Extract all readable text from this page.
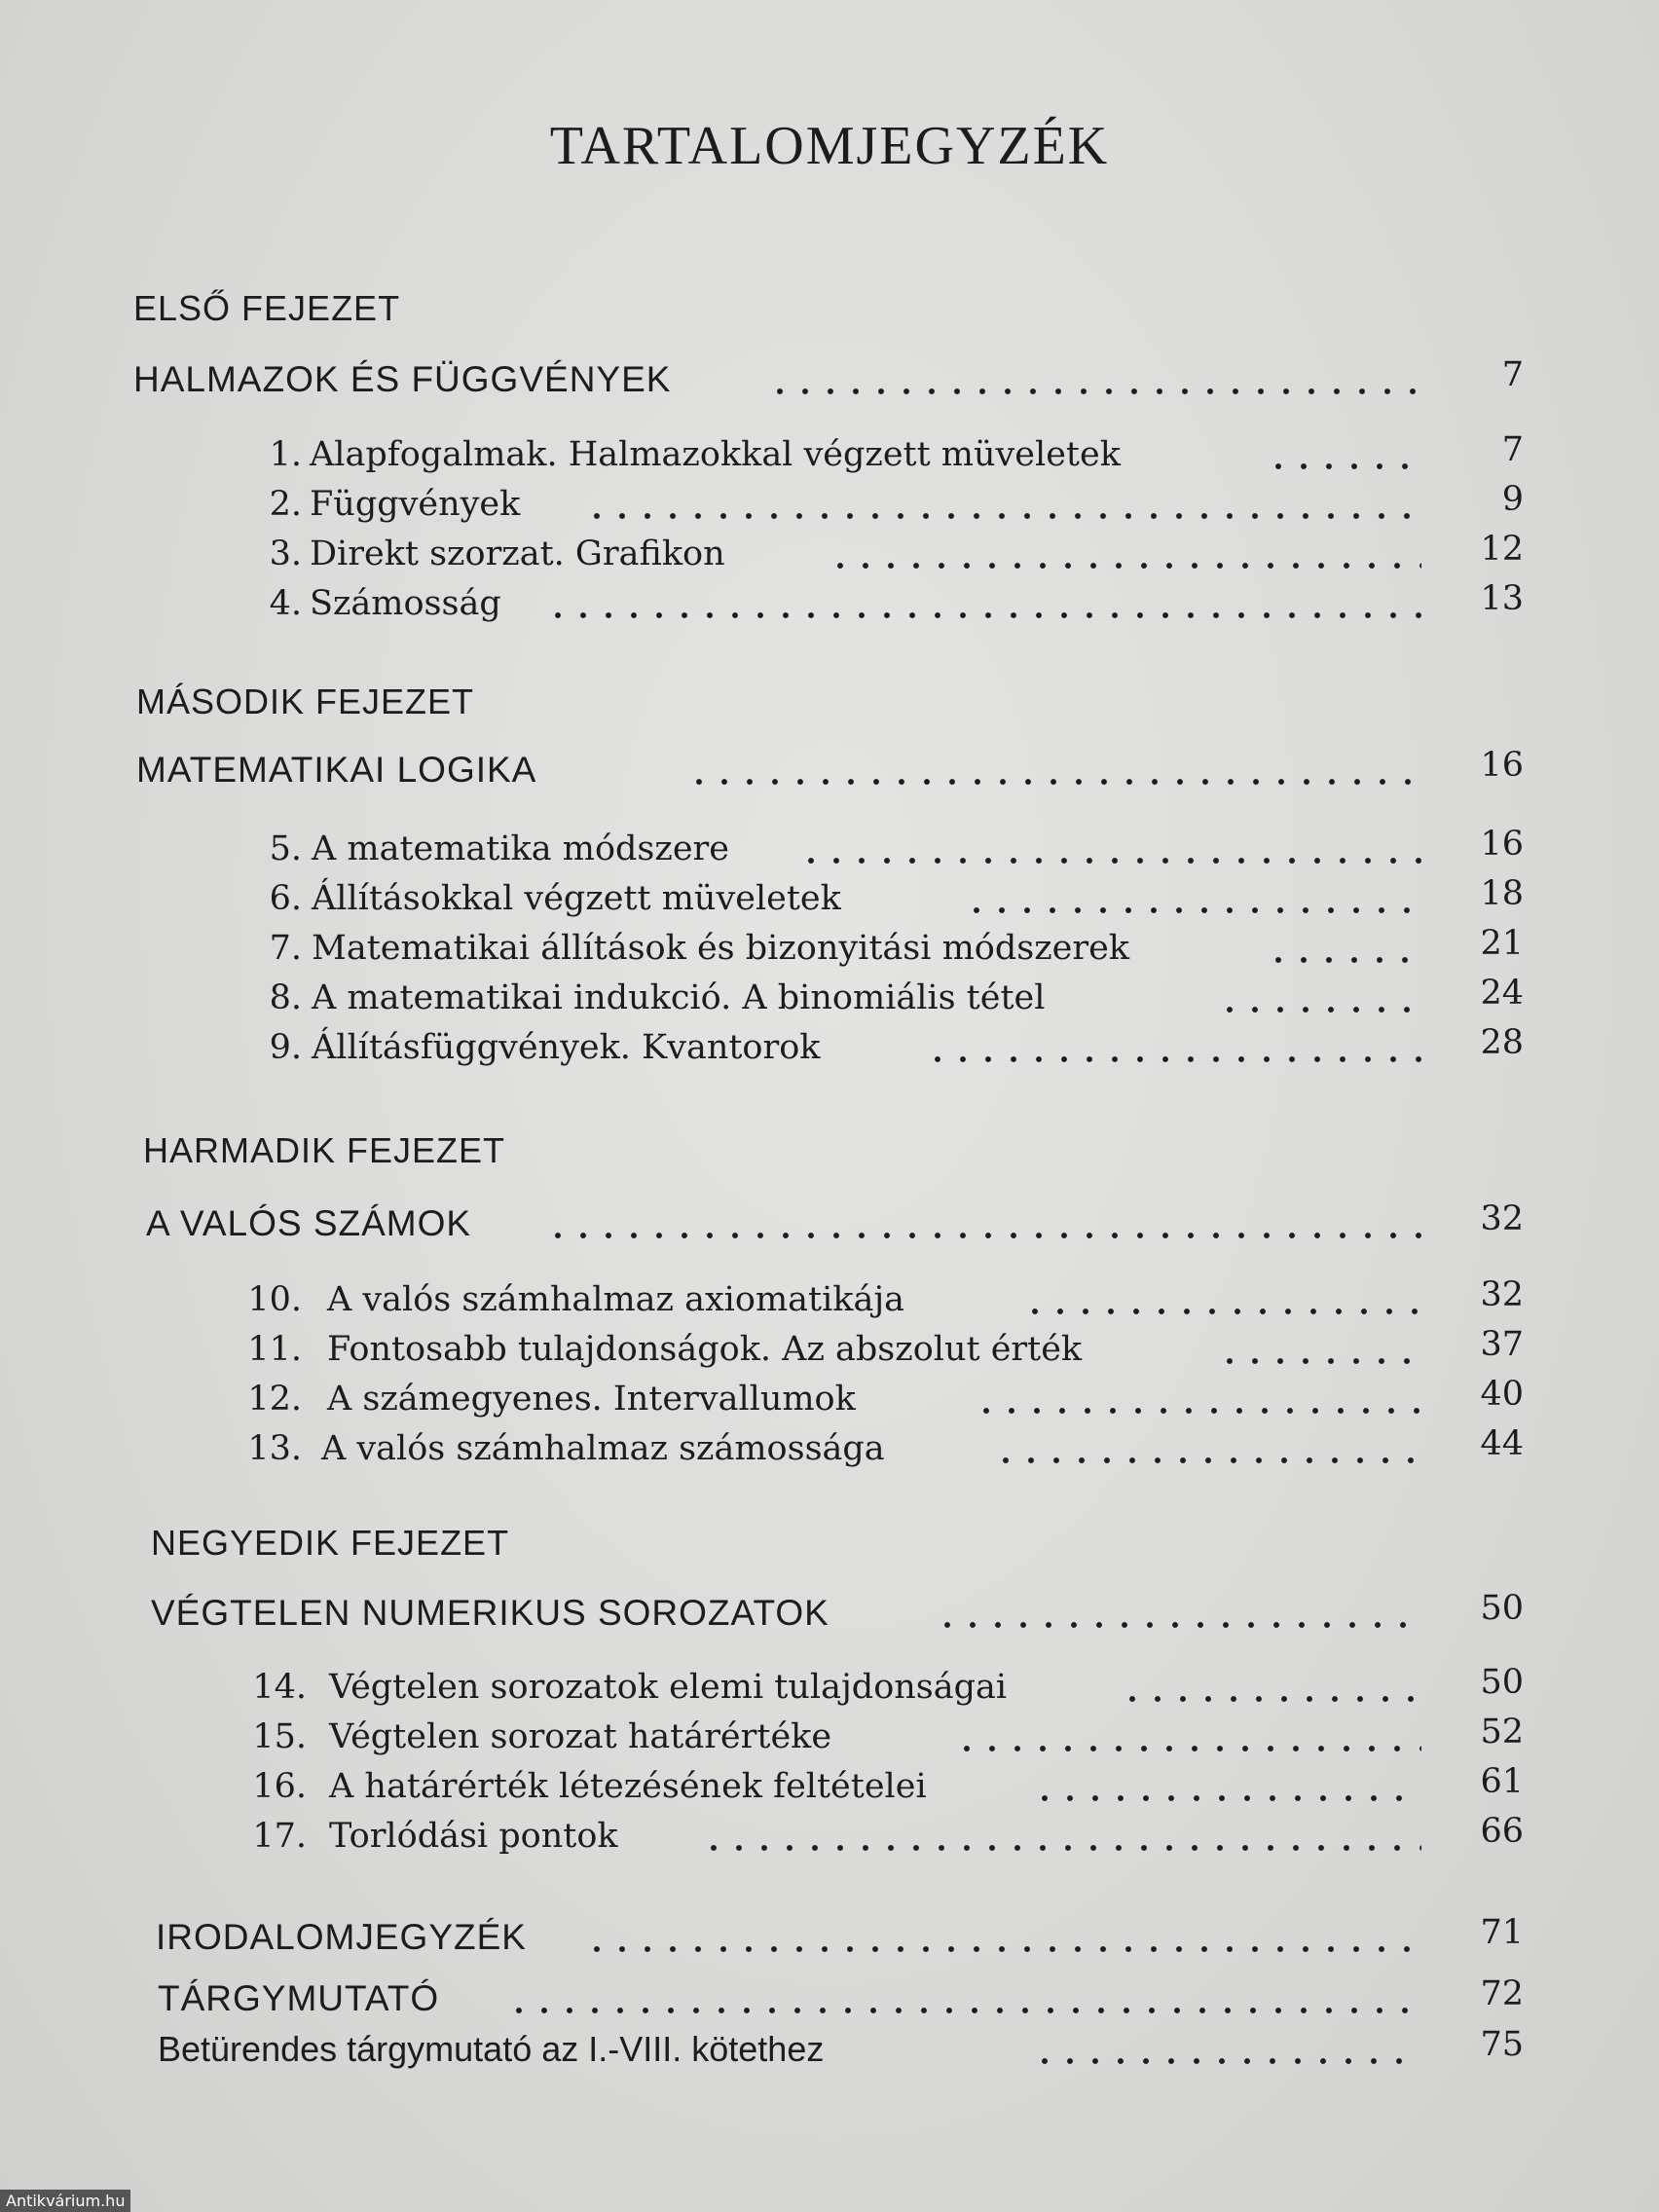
TARTALOMJEGYZÉK
ELSŐ FEJEZET
HALMAZOK ÉS FÜGGVÉNYEK	7
1. Alapfogalmak. Halmazokkal végzett müveletek	7
2. Függvények	9
3. Direkt szorzat. Grafikon	12
4. Számosság	13
MÁSODIK FEJEZET
MATEMATIKAI LOGIKA	16
5. A matematika módszere	16
6. Állításokkal végzett müveletek	18
7. Matematikai állítások és bizonyitási módszerek	21
8. A matematikai indukció. A binomiális tétel	24
9. Állításfüggvények. Kvantorok	28
HARMADIK FEJEZET
A VALÓS SZÁMOK	32
10. A valós számhalmaz axiomatikája	32
11. Fontosabb tulajdonságok. Az abszolut érték	37
12. A számegyenes. Intervallumok	40
13. A valós számhalmaz számossága	44
NEGYEDIK FEJEZET
VÉGTELEN NUMERIKUS SOROZATOK	50
14. Végtelen sorozatok elemi tulajdonságai	50
15. Végtelen sorozat határértéke	52
16. A határérték létezésének feltételei	61
17. Torlódási pontok	66
IRODALOMJEGYZÉK	71
TÁRGYMUTATÓ	72
Betürendes tárgymutató az I.-VIII. kötethez	75
Antikvárium.hu
